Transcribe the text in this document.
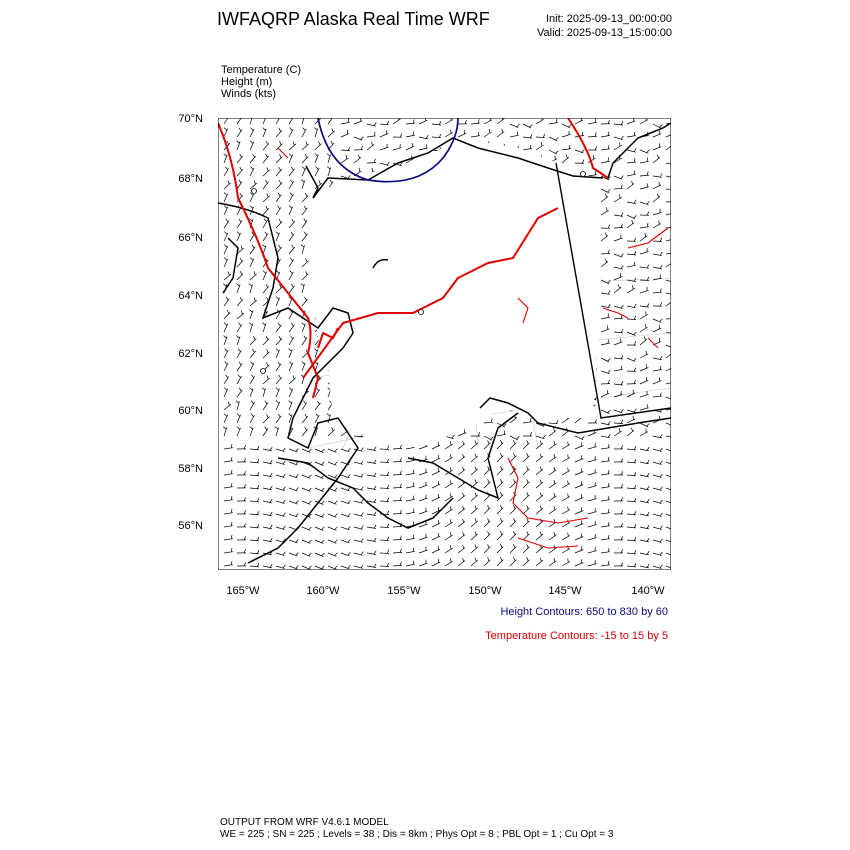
IWFAQRP Alaska Real Time WRF	Init: 2025-09-13_00:00:00
Valid: 2025-09-13_15:00:00
Temperature (C)
Height (m)
Winds (kts)
70°N
68°N
66°N
64°N
62°N
60°N
58°N
56°N
165°W	160°W	155°W	150°W	145°W	140°W
Height Contours: 650 to 830 by 60
Temperature Contours: -15 to 15 by 5
OUTPUT FROM WRF V4.6.1 MODEL
WE = 225 ; SN = 225 ; Levels = 38 ; Dis = 8km ; Phys Opt = 8 ; PBL Opt = 1 ; Cu Opt = 3
